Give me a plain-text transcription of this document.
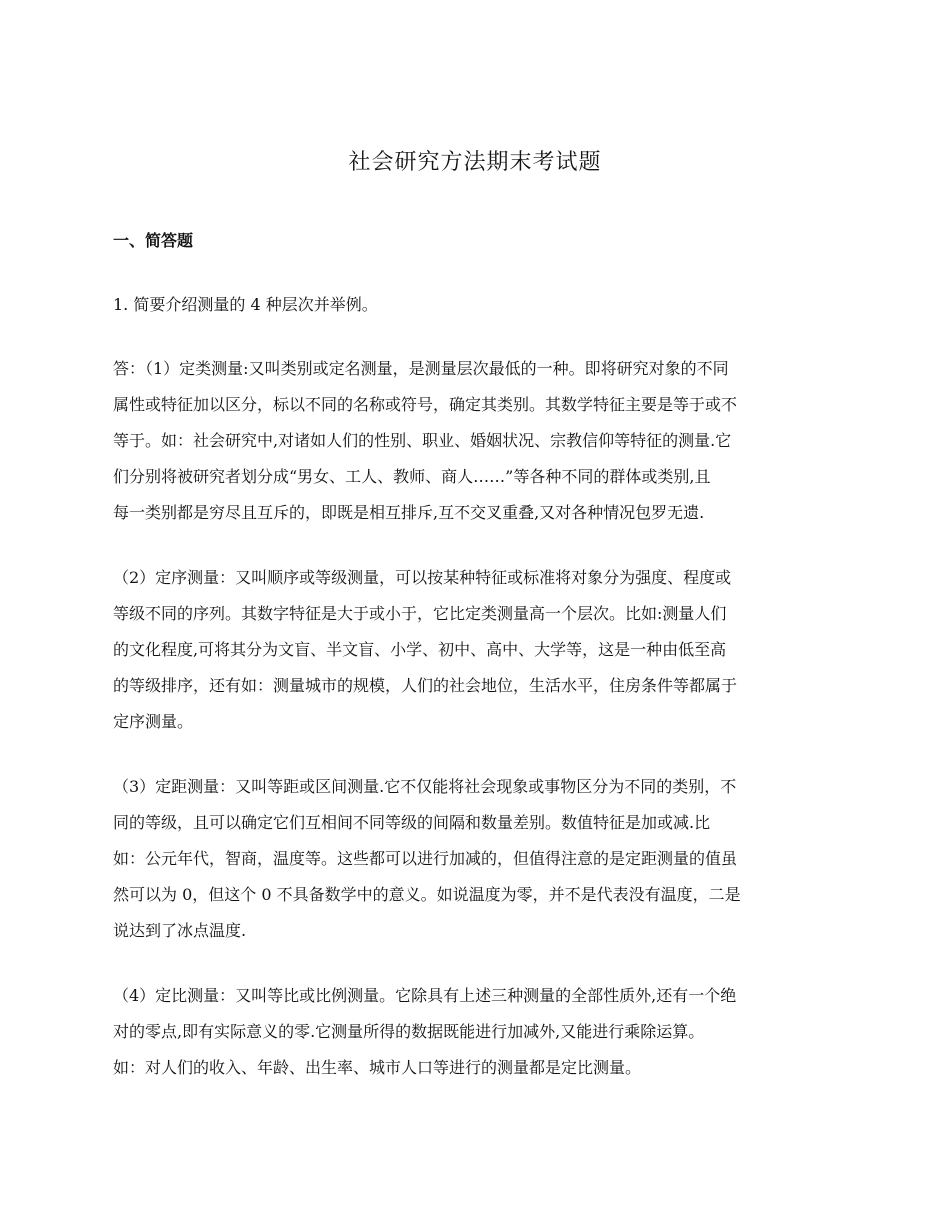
社会研究方法期末考试题
一、简答题
1. 简要介绍测量的 4 种层次并举例。
答：（1）定类测量:又叫类别或定名测量，是测量层次最低的一种。即将研究对象的不同
属性或特征加以区分，标以不同的名称或符号，确定其类别。其数学特征主要是等于或不
等于。如：社会研究中,对诸如人们的性别、职业、婚姻状况、宗教信仰等特征的测量.它
们分别将被研究者划分成“男女、工人、教师、商人……”等各种不同的群体或类别,且
每一类别都是穷尽且互斥的，即既是相互排斥,互不交叉重叠,又对各种情况包罗无遗.
（2）定序测量：又叫顺序或等级测量，可以按某种特征或标准将对象分为强度、程度或
等级不同的序列。其数字特征是大于或小于，它比定类测量高一个层次。比如:测量人们
的文化程度,可将其分为文盲、半文盲、小学、初中、高中、大学等，这是一种由低至高
的等级排序，还有如：测量城市的规模，人们的社会地位，生活水平，住房条件等都属于
定序测量。
（3）定距测量：又叫等距或区间测量.它不仅能将社会现象或事物区分为不同的类别，不
同的等级，且可以确定它们互相间不同等级的间隔和数量差别。数值特征是加或减.比
如：公元年代，智商，温度等。这些都可以进行加减的，但值得注意的是定距测量的值虽
然可以为 0，但这个 0 不具备数学中的意义。如说温度为零，并不是代表没有温度，二是
说达到了冰点温度.
（4）定比测量：又叫等比或比例测量。它除具有上述三种测量的全部性质外,还有一个绝
对的零点,即有实际意义的零.它测量所得的数据既能进行加减外,又能进行乘除运算。
如：对人们的收入、年龄、出生率、城市人口等进行的测量都是定比测量。
